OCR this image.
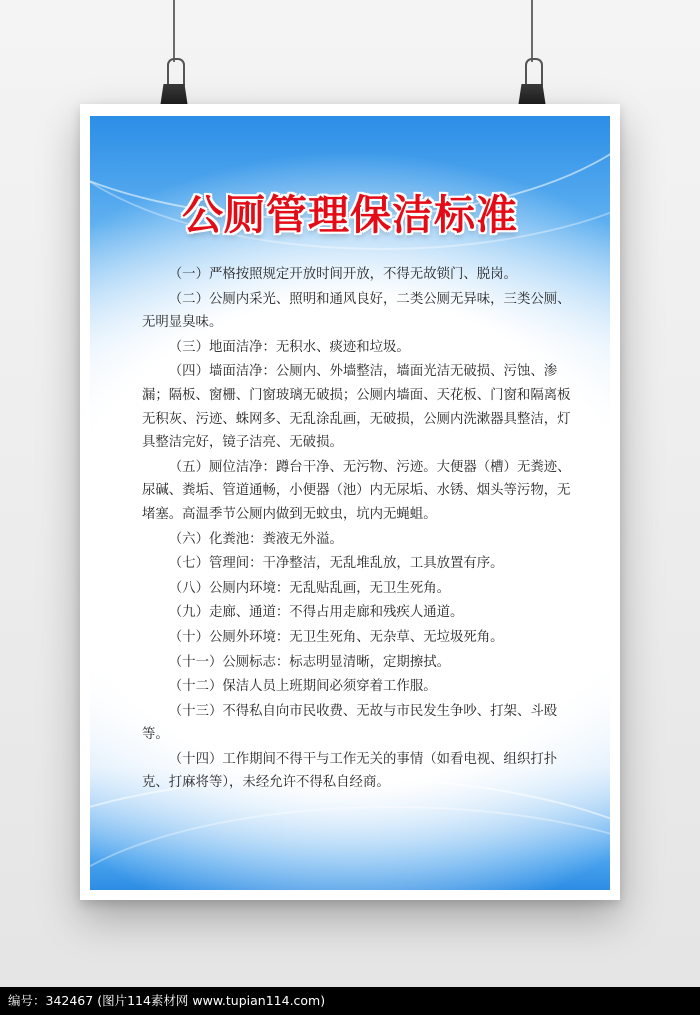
公厕管理保洁标准

（一）严格按照规定开放时间开放，不得无故锁门、脱岗。

（二）公厕内采光、照明和通风良好，二类公厕无异味，三类公厕、无明显臭味。

（三）地面洁净：无积水、痰迹和垃圾。

（四）墙面洁净：公厕内、外墙整洁，墙面光洁无破损、污蚀、渗漏；隔板、窗栅、门窗玻璃无破损；公厕内墙面、天花板、门窗和隔离板无积灰、污迹、蛛网多、无乱涂乱画，无破损，公厕内洗漱器具整洁，灯具整洁完好，镜子洁亮、无破损。

（五）厕位洁净：蹲台干净、无污物、污迹。大便器（槽）无粪迹、尿碱、粪垢、管道通畅，小便器（池）内无尿垢、水锈、烟头等污物，无堵塞。高温季节公厕内做到无蚊虫，坑内无蝇蛆。

（六）化粪池：粪液无外溢。

（七）管理间：干净整洁，无乱堆乱放，工具放置有序。

（八）公厕内环境：无乱贴乱画，无卫生死角。

（九）走廊、通道：不得占用走廊和残疾人通道。

（十）公厕外环境：无卫生死角、无杂草、无垃圾死角。

（十一）公厕标志：标志明显清晰，定期擦拭。

（十二）保洁人员上班期间必须穿着工作服。

（十三）不得私自向市民收费、无故与市民发生争吵、打架、斗殴等。

（十四）工作期间不得干与工作无关的事情（如看电视、组织打扑克、打麻将等），未经允许不得私自经商。

编号：342467 (图片114素材网 www.tupian114.com)
